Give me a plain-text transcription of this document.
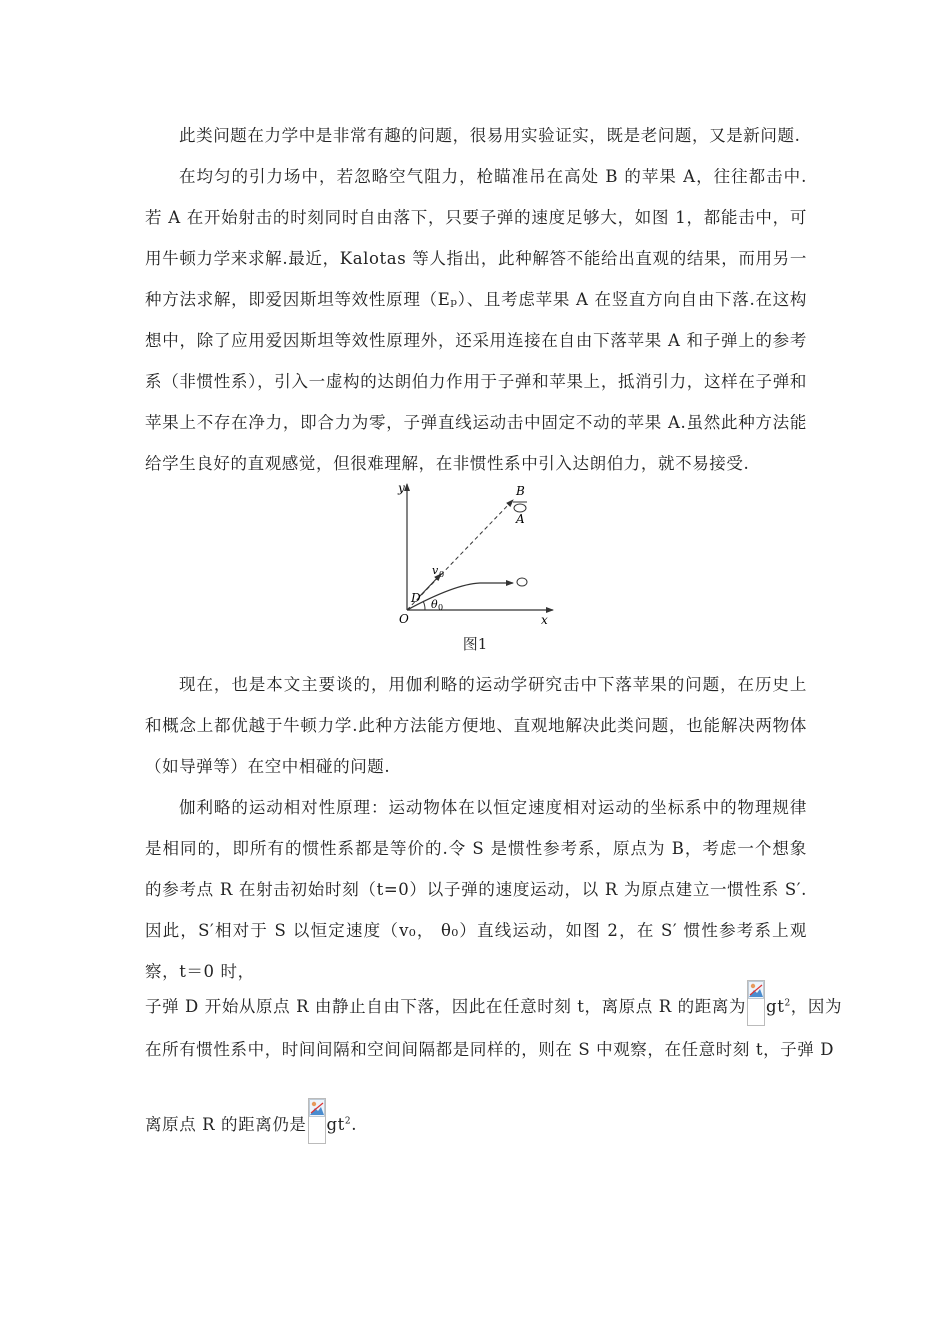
此类问题在力学中是非常有趣的问题，很易用实验证实，既是老问题，又是新问题.

在均匀的引力场中，若忽略空气阻力，枪瞄准吊在高处 B 的苹果 A，往往都击中.若 A 在开始射击的时刻同时自由落下，只要子弹的速度足够大，如图 1，都能击中，可用牛顿力学来求解.最近，Kalotas 等人指出，此种解答不能给出直观的结果，而用另一种方法求解，即爱因斯坦等效性原理（Eₚ）、且考虑苹果 A 在竖直方向自由下落.在这构想中，除了应用爱因斯坦等效性原理外，还采用连接在自由下落苹果 A 和子弹上的参考系（非惯性系），引入一虚构的达朗伯力作用于子弹和苹果上，抵消引力，这样在子弹和苹果上不存在净力，即合力为零，子弹直线运动击中固定不动的苹果 A.虽然此种方法能给学生良好的直观感觉，但很难理解，在非惯性系中引入达朗伯力，就不易接受.

y
x
O
B
A
D
v 0
θ 0

图1

现在，也是本文主要谈的，用伽利略的运动学研究击中下落苹果的问题，在历史上和概念上都优越于牛顿力学.此种方法能方便地、直观地解决此类问题，也能解决两物体（如导弹等）在空中相碰的问题.

伽利略的运动相对性原理：运动物体在以恒定速度相对运动的坐标系中的物理规律是相同的，即所有的惯性系都是等价的.令 S 是惯性参考系，原点为 B，考虑一个想象的参考点 R 在射击初始时刻（t=0）以子弹的速度运动，以 R 为原点建立一惯性系 S′.因此，S′相对于 S 以恒定速度（v₀， θ₀）直线运动，如图 2，在 S′ 惯性参考系上观察，t＝0 时，

子弹 D 开始从原点 R 由静止自由下落，因此在任意时刻 t，离原点 R 的距离为 $gt^2$，因为

在所有惯性系中，时间间隔和空间间隔都是同样的，则在 S 中观察，在任意时刻 t，子弹 D

离原点 R 的距离仍是 $gt^2$.
